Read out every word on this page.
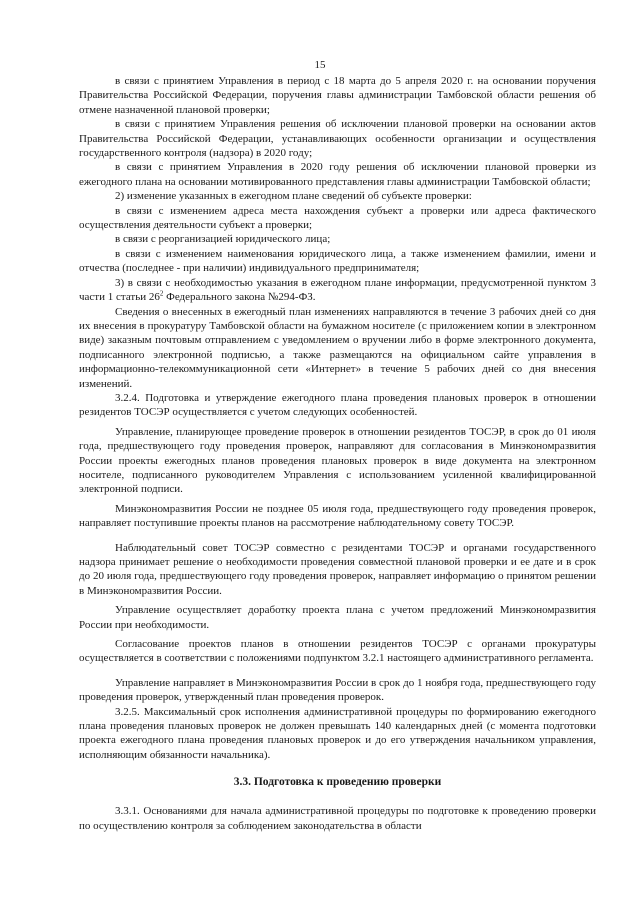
15

в связи с принятием Управления в период с 18 марта до 5 апреля 2020 г. на основании поручения Правительства Российской Федерации, поручения главы администрации Тамбовской области решения об отмене назначенной плановой проверки;

в связи с принятием Управления решения об исключении плановой проверки на основании актов Правительства Российской Федерации, устанавливающих особенности организации и осуществления государственного контроля (надзора) в 2020 году;

в связи с принятием Управления в 2020 году решения об исключении плановой проверки из ежегодного плана на основании мотивированного представления главы администрации Тамбовской области;

2) изменение указанных в ежегодном плане сведений об субъекте проверки:

в связи с изменением адреса места нахождения субъект а проверки или адреса фактического осуществления деятельности субъект а проверки;

в связи с реорганизацией юридического лица;

в связи с изменением наименования юридического лица, а также изменением фамилии, имени и отчества (последнее - при наличии) индивидуального предпринимателя;

3) в связи с необходимостью указания в ежегодном плане информации, предусмотренной пунктом 3 части 1 статьи $26^2$ Федерального закона №294-ФЗ.

Сведения о внесенных в ежегодный план изменениях направляются в течение 3 рабочих дней со дня их внесения в прокуратуру Тамбовской области на бумажном носителе (с приложением копии в электронном виде) заказным почтовым отправлением с уведомлением о вручении либо в форме электронного документа, подписанного электронной подписью, а также размещаются на официальном сайте управления в информационно-телекоммуникационной сети «Интернет» в течение 5 рабочих дней со дня внесения изменений.

3.2.4. Подготовка и утверждение ежегодного плана проведения плановых проверок в отношении резидентов ТОСЭР осуществляется с учетом следующих особенностей.

Управление, планирующее проведение проверок в отношении резидентов ТОСЭР, в срок до 01 июля года, предшествующего году проведения проверок, направляют для согласования в Минэкономразвития России проекты ежегодных планов проведения плановых проверок в виде документа на электронном носителе, подписанного руководителем Управления с использованием усиленной квалифицированной электронной подписи.

Минэкономразвития России не позднее 05 июля года, предшествующего году проведения проверок, направляет поступившие проекты планов на рассмотрение наблюдательному совету ТОСЭР.

Наблюдательный совет ТОСЭР совместно с резидентами ТОСЭР и органами государственного надзора принимает решение о необходимости проведения совместной плановой проверки и ее дате и в срок до 20 июля года, предшествующего году проведения проверок, направляет информацию о принятом решении в Минэкономразвития России.

Управление осуществляет доработку проекта плана с учетом предложений Минэкономразвития России при необходимости.

Согласование проектов планов в отношении резидентов ТОСЭР с органами прокуратуры осуществляется в соответствии с положениями подпунктом 3.2.1 настоящего административного регламента.

Управление направляет в Минэкономразвития России в срок до 1 ноября года, предшествующего году проведения проверок, утвержденный план проведения проверок.

3.2.5. Максимальный срок исполнения административной процедуры по формированию ежегодного плана проведения плановых проверок не должен превышать 140 календарных дней (с момента подготовки проекта ежегодного плана проведения плановых проверок и до его утверждения начальником управления, исполняющим обязанности начальника).

3.3. Подготовка к проведению проверки

3.3.1. Основаниями для начала административной процедуры по подготовке к проведению проверки по осуществлению контроля за соблюдением законодательства в области
